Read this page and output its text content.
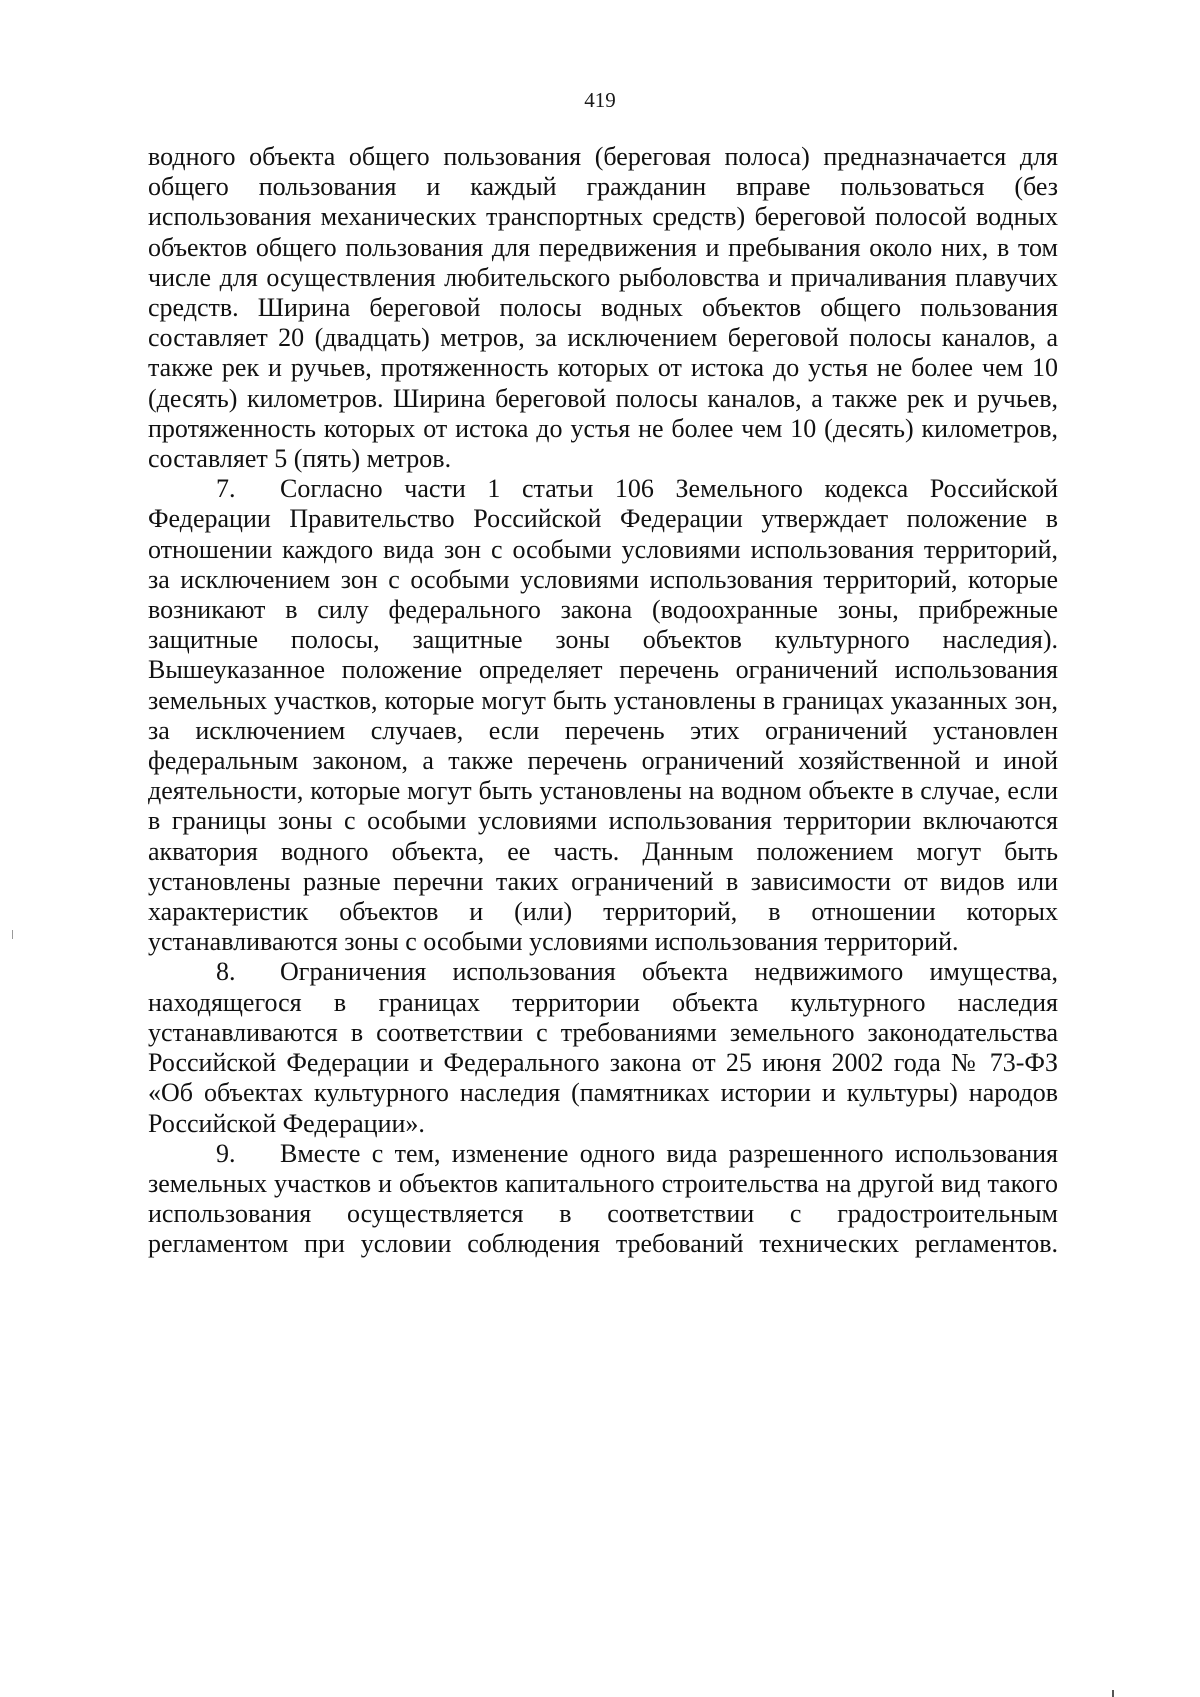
419

водного объекта общего пользования (береговая полоса) предназначается для общего пользования и каждый гражданин вправе пользоваться (без использования механических транспортных средств) береговой полосой водных объектов общего пользования для передвижения и пребывания около них, в том числе для осуществления любительского рыболовства и причаливания плавучих средств. Ширина береговой полосы водных объектов общего пользования составляет 20 (двадцать) метров, за исключением береговой полосы каналов, а также рек и ручьев, протяженность которых от истока до устья не более чем 10 (десять) километров. Ширина береговой полосы каналов, а также рек и ручьев, протяженность которых от истока до устья не более чем 10 (десять) километров, составляет 5 (пять) метров.

7. Согласно части 1 статьи 106 Земельного кодекса Российской Федерации Правительство Российской Федерации утверждает положение в отношении каждого вида зон с особыми условиями использования территорий, за исключением зон с особыми условиями использования территорий, которые возникают в силу федерального закона (водоохранные зоны, прибрежные защитные полосы, защитные зоны объектов культурного наследия). Вышеуказанное положение определяет перечень ограничений использования земельных участков, которые могут быть установлены в границах указанных зон, за исключением случаев, если перечень этих ограничений установлен федеральным законом, а также перечень ограничений хозяйственной и иной деятельности, которые могут быть установлены на водном объекте в случае, если в границы зоны с особыми условиями использования территории включаются акватория водного объекта, ее часть. Данным положением могут быть установлены разные перечни таких ограничений в зависимости от видов или характеристик объектов и (или) территорий, в отношении которых устанавливаются зоны с особыми условиями использования территорий.

8. Ограничения использования объекта недвижимого имущества, находящегося в границах территории объекта культурного наследия устанавливаются в соответствии с требованиями земельного законодательства Российской Федерации и Федерального закона от 25 июня 2002 года № 73-ФЗ «Об объектах культурного наследия (памятниках истории и культуры) народов Российской Федерации».

9. Вместе с тем, изменение одного вида разрешенного использования земельных участков и объектов капитального строительства на другой вид такого использования осуществляется в соответствии с градостроительным регламентом при условии соблюдения требований технических регламентов.
